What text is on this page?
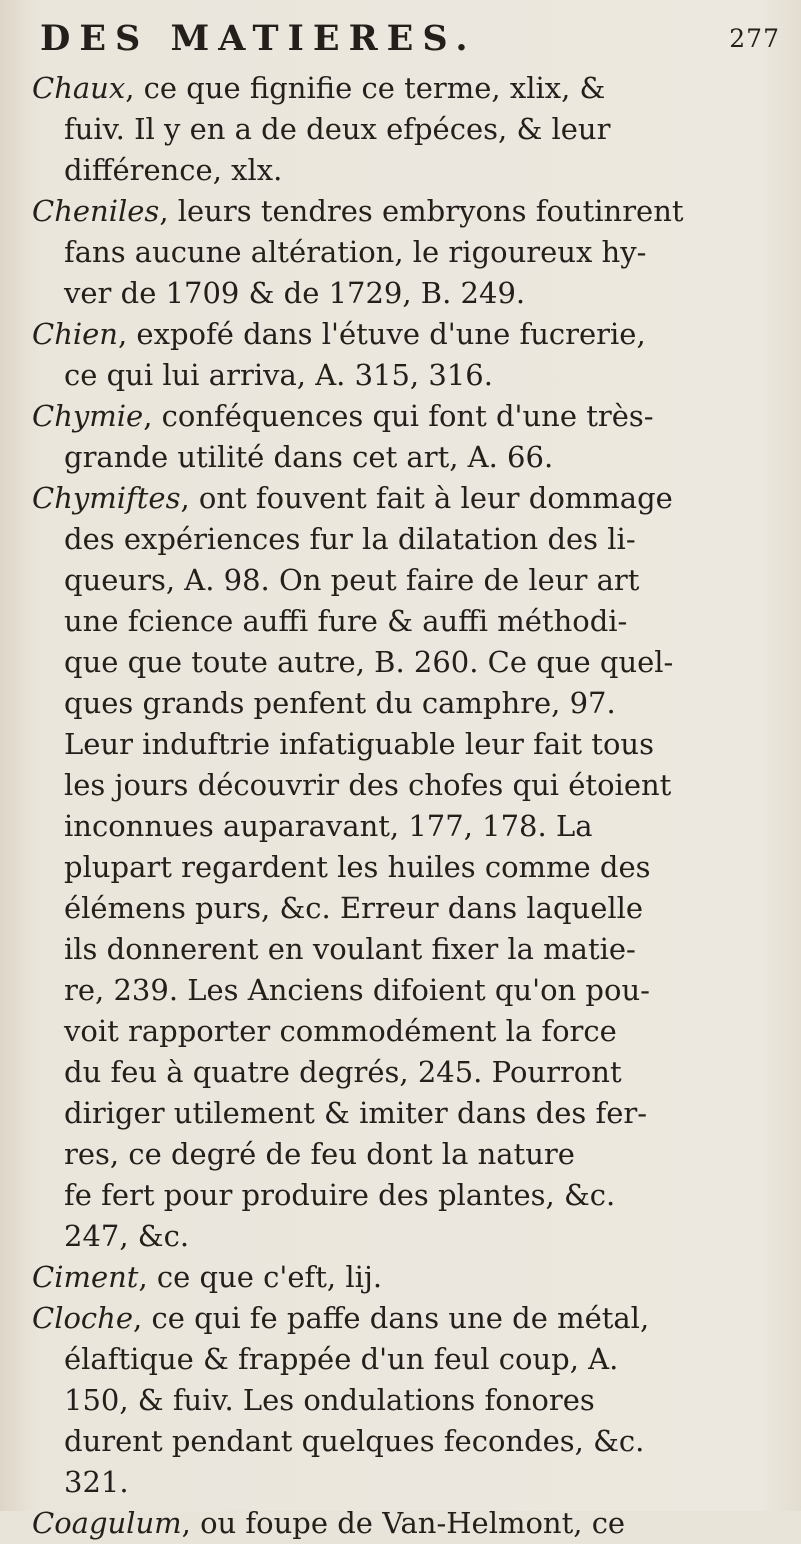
DES MATIERES.	277
Chaux, ce que fignifie ce terme, xlix, &
fuiv. Il y en a de deux efpéces, & leur
différence, xlx.
Cheniles, leurs tendres embryons foutinrent
fans aucune altération, le rigoureux hy-
ver de 1709 & de 1729, B. 249.
Chien, expofé dans l'étuve d'une fucrerie,
ce qui lui arriva, A. 315, 316.
Chymie, conféquences qui font d'une très-
grande utilité dans cet art, A. 66.
Chymiftes, ont fouvent fait à leur dommage
des expériences fur la dilatation des li-
queurs, A. 98. On peut faire de leur art
une fcience auffi fure & auffi méthodi-
que que toute autre, B. 260. Ce que quel-
ques grands penfent du camphre, 97.
Leur induftrie infatiguable leur fait tous
les jours découvrir des chofes qui étoient
inconnues auparavant, 177, 178. La
plupart regardent les huiles comme des
élémens purs, &c. Erreur dans laquelle
ils donnerent en voulant fixer la matie-
re, 239. Les Anciens difoient qu'on pou-
voit rapporter commodément la force
du feu à quatre degrés, 245. Pourront
diriger utilement & imiter dans des fer-
res, ce degré de feu dont la nature
fe fert pour produire des plantes, &c.
247, &c.
Ciment, ce que c'eft, lij.
Cloche, ce qui fe paffe dans une de métal,
élaftique & frappée d'un feul coup, A.
150, & fuiv. Les ondulations fonores
durent pendant quelques fecondes, &c.
321.
Coagulum, ou foupe de Van-Helmont, ce
